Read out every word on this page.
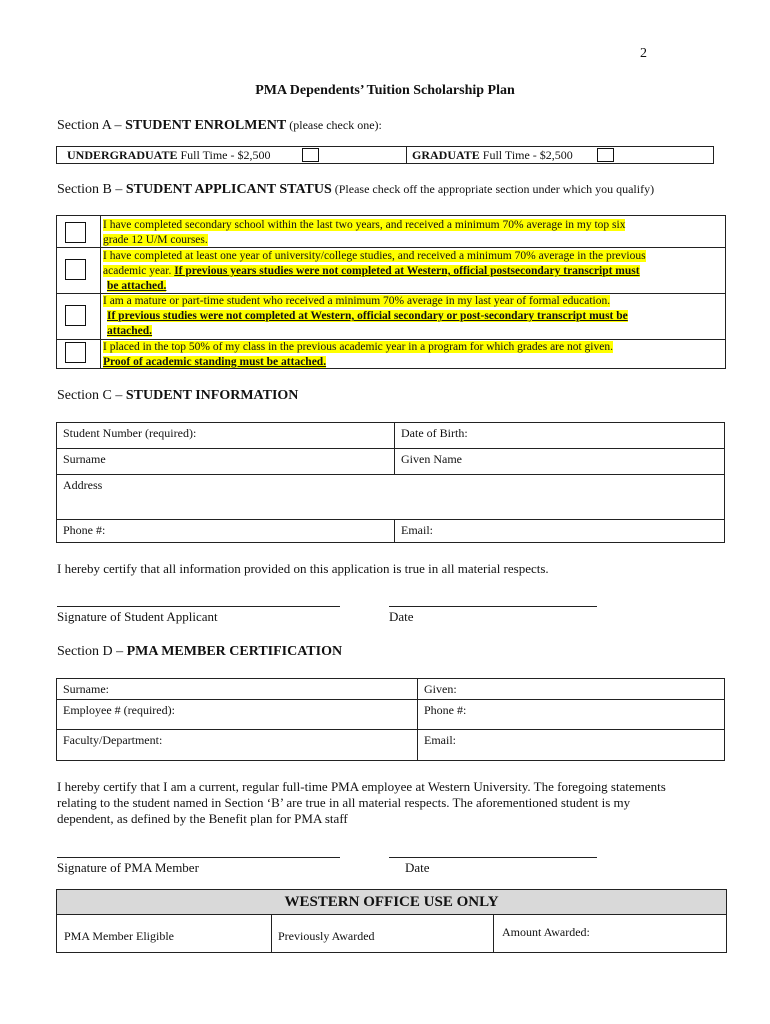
2
PMA Dependents’ Tuition Scholarship Plan
Section A – STUDENT ENROLMENT (please check one):
UNDERGRADUATE Full Time - $2,500	GRADUATE Full Time - $2,500
Section B – STUDENT APPLICANT STATUS (Please check off the appropriate section under which you qualify)
I have completed secondary school within the last two years, and received a minimum 70% average in my top six
grade 12 U/M courses.
I have completed at least one year of university/college studies, and received a minimum 70% average in the previous
academic year. If previous years studies were not completed at Western, official postsecondary transcript must
be attached.
I am a mature or part-time student who received a minimum 70% average in my last year of formal education.
If previous studies were not completed at Western, official secondary or post-secondary transcript must be
attached.
I placed in the top 50% of my class in the previous academic year in a program for which grades are not given.
Proof of academic standing must be attached.
Section C – STUDENT INFORMATION
Student Number (required):	Date of Birth:
Surname	Given Name
Address
Phone #:	Email:
I hereby certify that all information provided on this application is true in all material respects.
Signature of Student Applicant	Date
Section D – PMA MEMBER CERTIFICATION
Surname:	Given:
Employee # (required):	Phone #:
Faculty/Department:	Email:
I hereby certify that I am a current, regular full-time PMA employee at Western University. The foregoing statements
relating to the student named in Section ‘B’ are true in all material respects. The aforementioned student is my
dependent, as defined by the Benefit plan for PMA staff
Signature of PMA Member	Date
WESTERN OFFICE USE ONLY
PMA Member Eligible	Previously Awarded	Amount Awarded:
